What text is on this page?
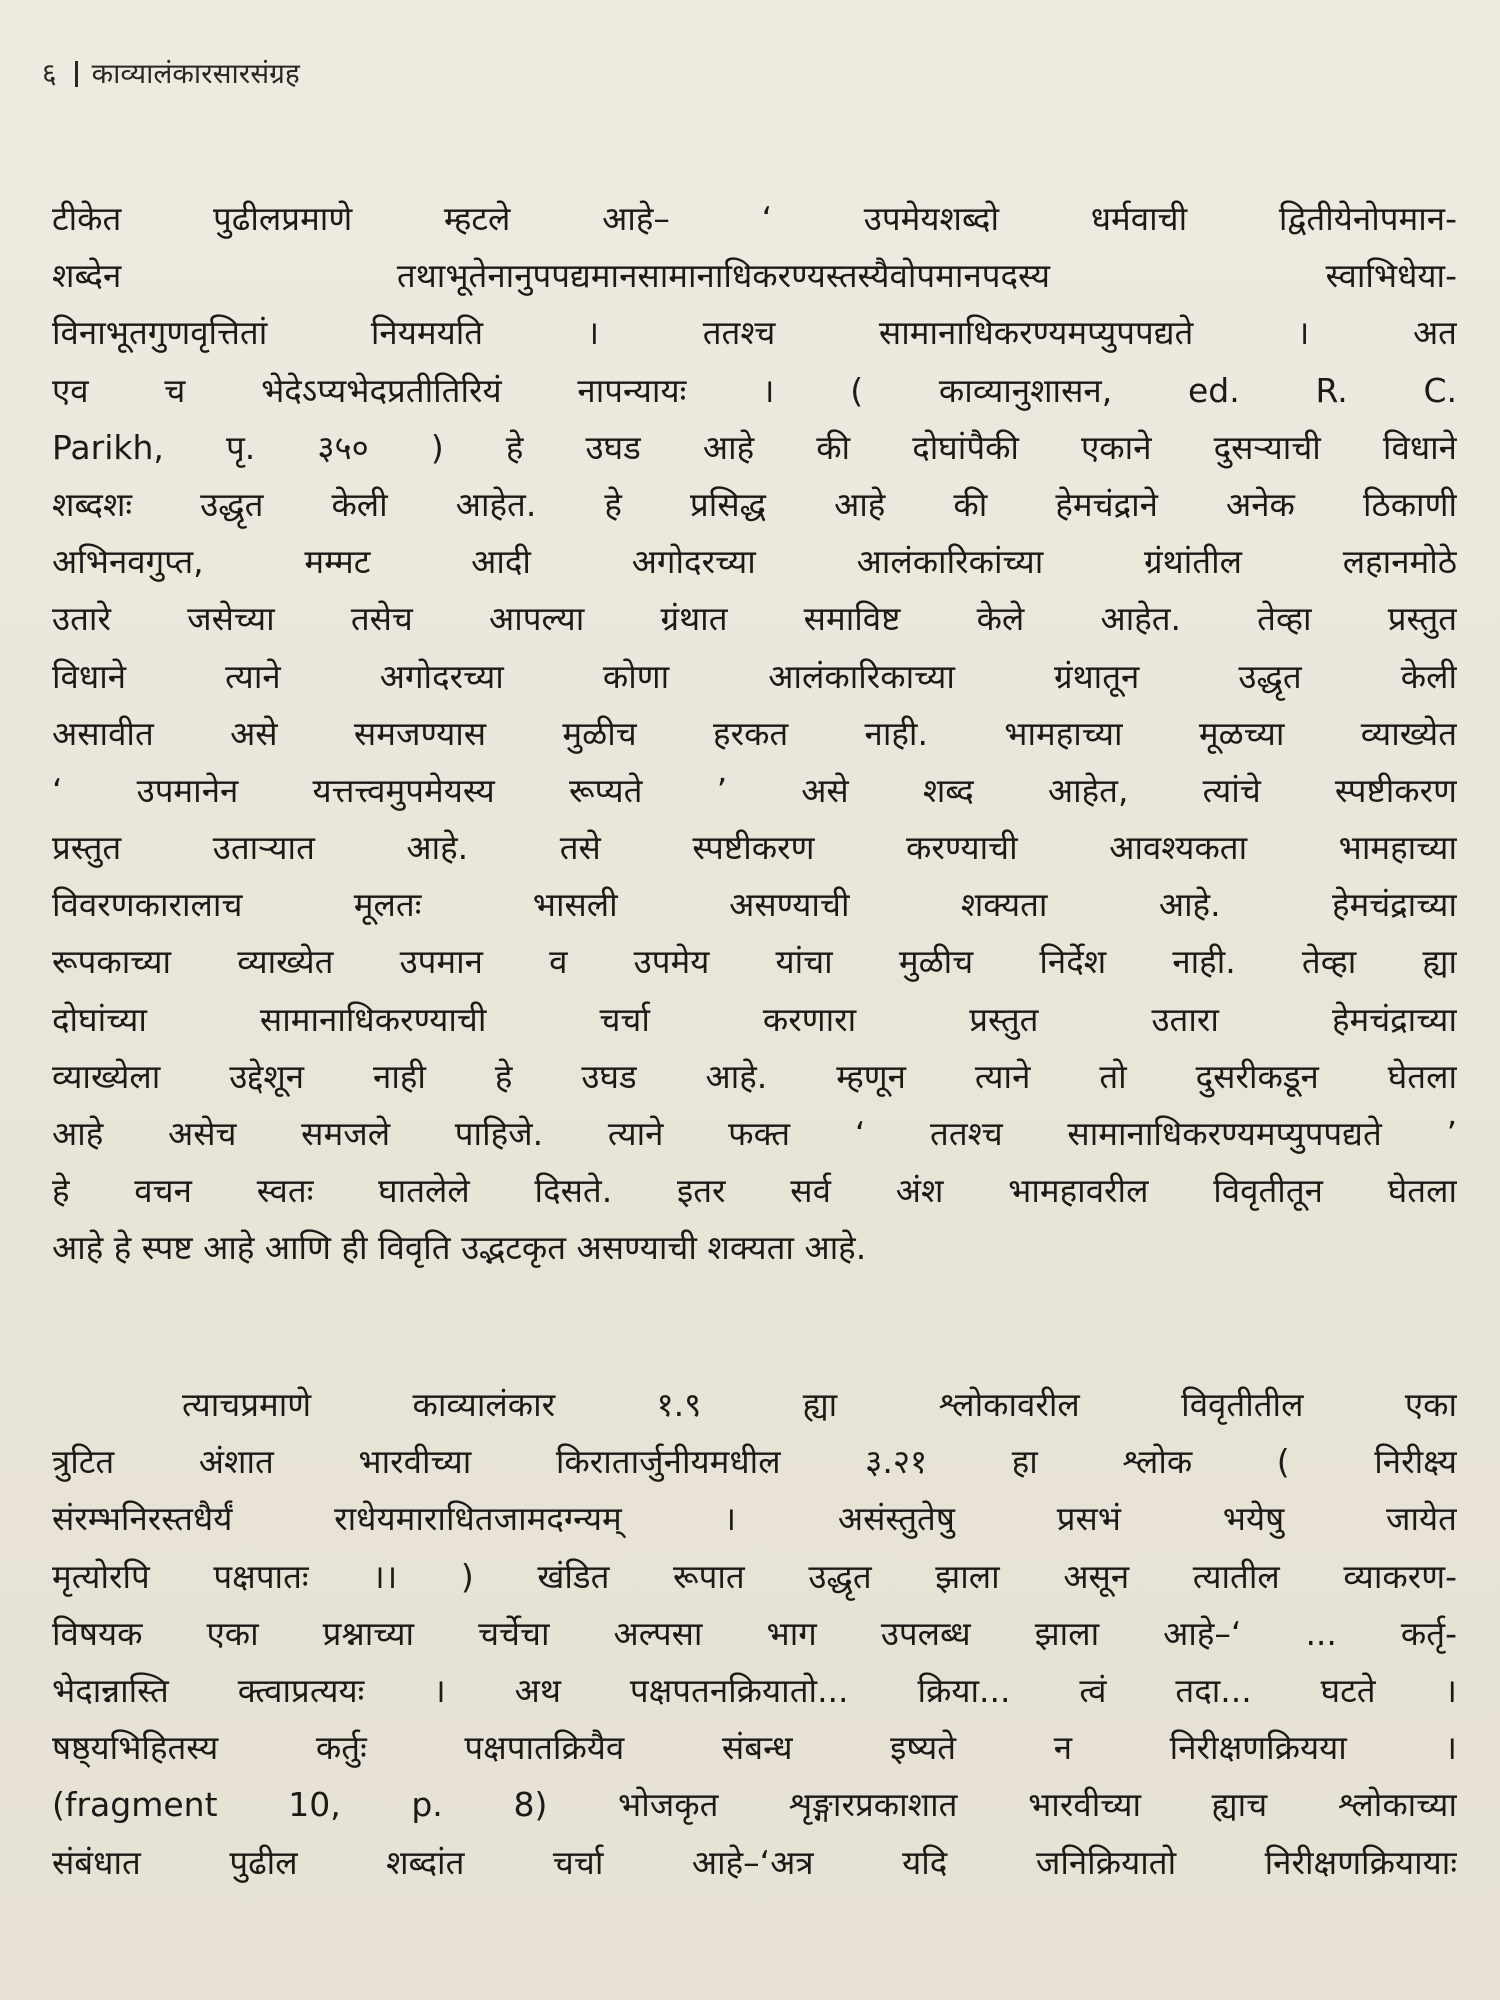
६ काव्यालंकारसारसंग्रह
टीकेत पुढीलप्रमाणे म्हटले आहे– ‘ उपमेयशब्दो धर्मवाची द्वितीयेनोपमान-
शब्देन तथाभूतेनानुपपद्यमानसामानाधिकरण्यस्तस्यैवोपमानपदस्य स्वाभिधेया-
विनाभूतगुणवृत्तितां नियमयति । ततश्च सामानाधिकरण्यमप्युपपद्यते । अत
एव च भेदेऽप्यभेदप्रतीतिरियं नापन्यायः । ( काव्यानुशासन, ed. R. C.
Parikh, पृ. ३५० ) हे उघड आहे की दोघांपैकी एकाने दुसऱ्याची विधाने
शब्दशः उद्धृत केली आहेत. हे प्रसिद्ध आहे की हेमचंद्राने अनेक ठिकाणी
अभिनवगुप्त, मम्मट आदी अगोदरच्या आलंकारिकांच्या ग्रंथांतील लहानमोठे
उतारे जसेच्या तसेच आपल्या ग्रंथात समाविष्ट केले आहेत. तेव्हा प्रस्तुत
विधाने त्याने अगोदरच्या कोणा आलंकारिकाच्या ग्रंथातून उद्धृत केली
असावीत असे समजण्यास मुळीच हरकत नाही. भामहाच्या मूळच्या व्याख्येत
‘ उपमानेन यत्तत्त्वमुपमेयस्य रूप्यते ’ असे शब्द आहेत, त्यांचे स्पष्टीकरण
प्रस्तुत उताऱ्यात आहे. तसे स्पष्टीकरण करण्याची आवश्यकता भामहाच्या
विवरणकारालाच मूलतः भासली असण्याची शक्यता आहे. हेमचंद्राच्या
रूपकाच्या व्याख्येत उपमान व उपमेय यांचा मुळीच निर्देश नाही. तेव्हा ह्या
दोघांच्या सामानाधिकरण्याची चर्चा करणारा प्रस्तुत उतारा हेमचंद्राच्या
व्याख्येला उद्देशून नाही हे उघड आहे. म्हणून त्याने तो दुसरीकडून घेतला
आहे असेच समजले पाहिजे. त्याने फक्त ‘ ततश्च सामानाधिकरण्यमप्युपपद्यते ’
हे वचन स्वतः घातलेले दिसते. इतर सर्व अंश भामहावरील विवृतीतून घेतला
आहे हे स्पष्ट आहे आणि ही विवृति उद्भटकृत असण्याची शक्यता आहे.
त्याचप्रमाणे काव्यालंकार १.९ ह्या श्लोकावरील विवृतीतील एका
त्रुटित अंशात भारवीच्या किरातार्जुनीयमधील ३.२१ हा श्लोक ( निरीक्ष्य
संरम्भनिरस्तधैर्यं राधेयमाराधितजामदग्न्यम् । असंस्तुतेषु प्रसभं भयेषु जायेत
मृत्योरपि पक्षपातः ।। ) खंडित रूपात उद्धृत झाला असून त्यातील व्याकरण-
विषयक एका प्रश्नाच्या चर्चेचा अल्पसा भाग उपलब्ध झाला आहे–‘ ... कर्तृ-
भेदान्नास्ति क्त्वाप्रत्ययः । अथ पक्षपतनक्रियातो... क्रिया... त्वं तदा... घटते ।
षष्ठ्यभिहितस्य कर्तुः पक्षपातक्रियैव संबन्ध इष्यते न निरीक्षणक्रियया ।
(fragment 10, p. 8) भोजकृत शृङ्गारप्रकाशात भारवीच्या ह्याच श्लोकाच्या
संबंधात पुढील शब्दांत चर्चा आहे–‘अत्र यदि जनिक्रियातो निरीक्षणक्रियायाः
